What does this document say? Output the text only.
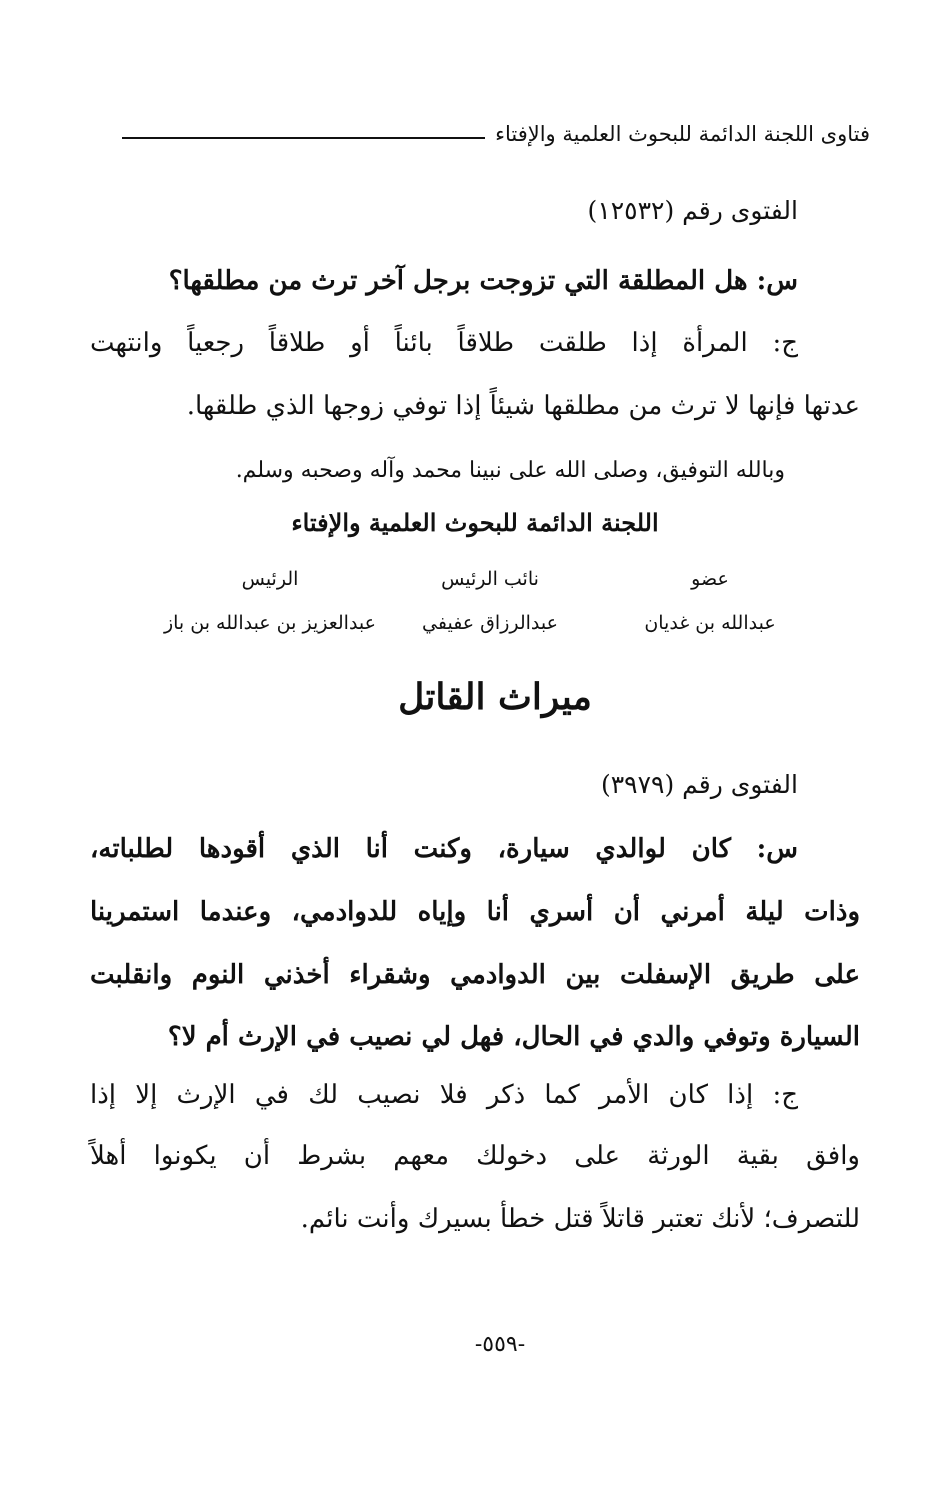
فتاوى اللجنة الدائمة للبحوث العلمية والإفتاء
الفتوى رقم (١٢٥٣٢)
س: هل المطلقة التي تزوجت برجل آخر ترث من مطلقها؟
ج: المرأة إذا طلقت طلاقاً بائناً أو طلاقاً رجعياً وانتهت
عدتها فإنها لا ترث من مطلقها شيئاً إذا توفي زوجها الذي طلقها.
وبالله التوفيق، وصلى الله على نبينا محمد وآله وصحبه وسلم.
اللجنة الدائمة للبحوث العلمية والإفتاء
عضو
نائب الرئيس
الرئيس
عبدالله بن غديان
عبدالرزاق عفيفي
عبدالعزيز بن عبدالله بن باز
ميراث القاتل
الفتوى رقم (٣٩٧٩)
س: كان لوالدي سيارة، وكنت أنا الذي أقودها لطلباته،
وذات ليلة أمرني أن أسري أنا وإياه للدوادمي، وعندما استمرينا
على طريق الإسفلت بين الدوادمي وشقراء أخذني النوم وانقلبت
السيارة وتوفي والدي في الحال، فهل لي نصيب في الإرث أم لا؟
ج: إذا كان الأمر كما ذكر فلا نصيب لك في الإرث إلا إذا
وافق بقية الورثة على دخولك معهم بشرط أن يكونوا أهلاً
للتصرف؛ لأنك تعتبر قاتلاً قتل خطأ بسيرك وأنت نائم.
-٥٥٩-
